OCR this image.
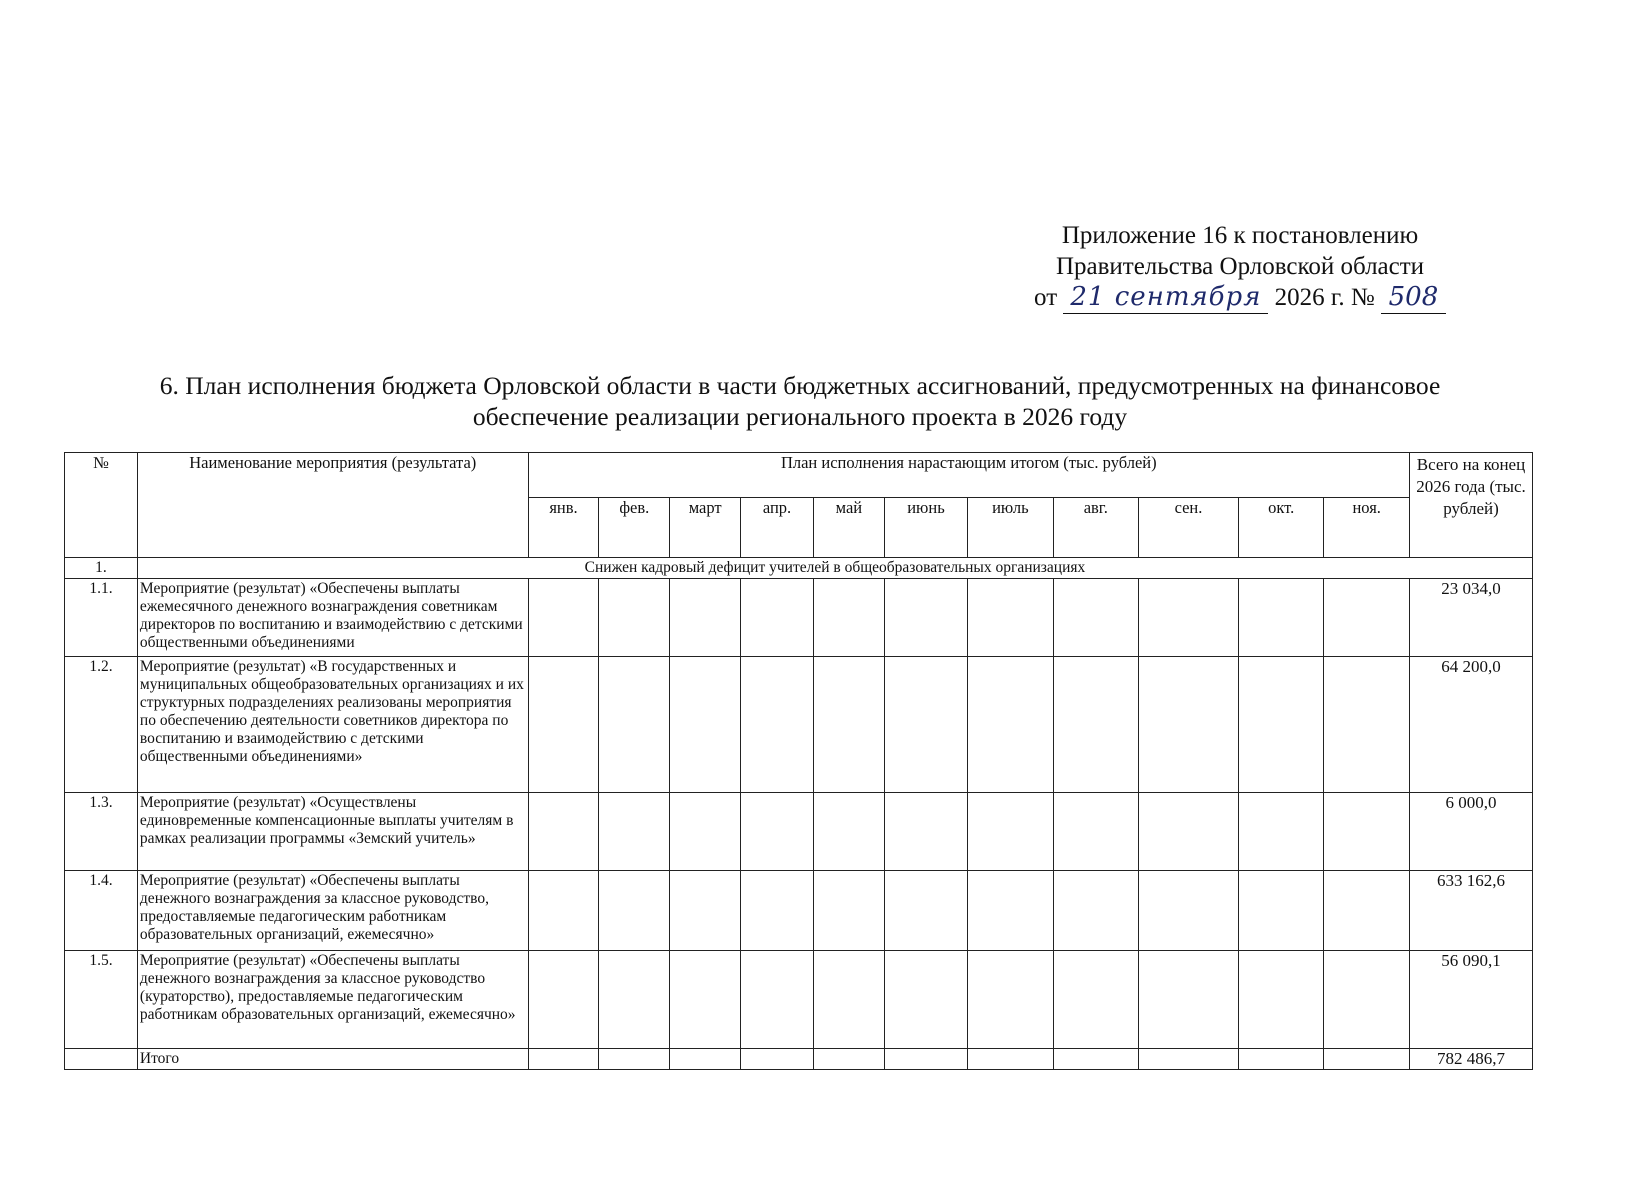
Приложение 16 к постановлению
Правительства Орловской области
от 21 сентября 2026 г. № 508
6. План исполнения бюджета Орловской области в части бюджетных ассигнований, предусмотренных на финансовое
обеспечение реализации регионального проекта в 2026 году
№	Наименование мероприятия (результата)	План исполнения нарастающим итогом (тыс. рублей)											Всего на конец 2026 года (тыс. рублей)
		янв.	фев.	март	апр.	май	июнь	июль	авг.	сен.	окт.	ноя.	
1.	Снижен кадровый дефицит учителей в общеобразовательных организациях												
1.1.	Мероприятие (результат) «Обеспечены выплаты ежемесячного денежного вознаграждения советникам директоров по воспитанию и взаимодействию с детскими общественными объединениями												23 034,0
1.2.	Мероприятие (результат) «В государственных и муниципальных общеобразовательных организациях и их структурных подразделениях реализованы мероприятия по обеспечению деятельности советников директора по воспитанию и взаимодействию с детскими общественными объединениями»												64 200,0
1.3.	Мероприятие (результат) «Осуществлены единовременные компенсационные выплаты учителям в рамках реализации программы «Земский учитель»												6 000,0
1.4.	Мероприятие (результат) «Обеспечены выплаты денежного вознаграждения за классное руководство, предоставляемые педагогическим работникам образовательных организаций, ежемесячно»												633 162,6
1.5.	Мероприятие (результат) «Обеспечены выплаты денежного вознаграждения за классное руководство (кураторство), предоставляемые педагогическим работникам образовательных организаций, ежемесячно»												56 090,1
	Итого												782 486,7
